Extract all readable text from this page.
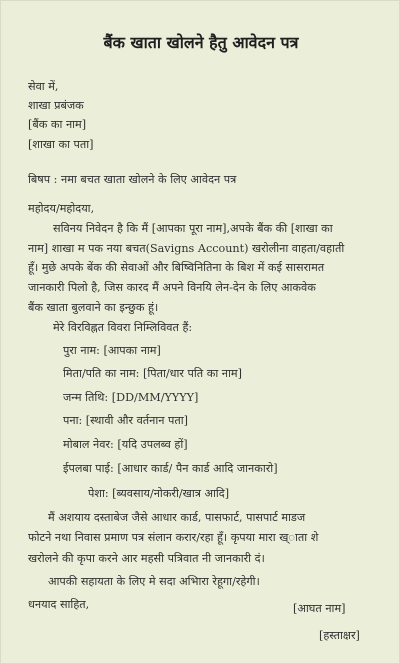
बैंक खाता खोलने हैतु आवेदन पत्र
सेवा में,
शाखा प्रबंजक
[बैंक का नाम]
[शाखा का पता]
बिषप : नमा बचत खाता खोलने के लिए आवेदन पत्र
महोदय/महोदया,
सविनय निवेदन है कि मैं [आपका पूरा नाम],अपके बैंक की [शाखा का
नाम] शाखा म पक नया बचत(Savigns Account) खरोलीना वाहता/वहाती
हूँ। मुछे अपके बेंक की सेवाओं और बिष्विनितिना के बिश में कई सासरामत
जानकारी पिलो है, जिस कारद मैं अपने विनयि लेन-देन के लिए आकवेक
बैंक खाता बुलवाने का इन्छुक हूं।
मेरे विरविह्नत विवरा निम्लिविवत हैं:
पुरा नाम: [आपका नाम]
मिता/पति का नाम: [पिता/धार पति का नाम]
जन्म तिथि: [DD/MM/YYYY]
पना: [स्थावी और वर्तनान पता]
मोबाल नेवर: [यदि उपलब्व हों]
ईपलबा पाई: [आधार कार्ड/ पैन कार्ड आदि जानकारो]
पेशा: [ब्यवसाय/नोकरी/खात्र आदि]
मैं अशयाय दस्ताबेज जैसे आधार कार्ड, पासफार्ट, पासपार्ट माडज
फोटने नथा निवास प्रमाण पत्र संलान करार/रहा हूँ। कृपया मारा ख्ाता शे
खरोलने की कृपा करने आर महसी पत्रिवात नी जानकारी दं।
आपकी सहायता के लिए मे सदा अभिारा रेहूगा/रहेगी।
धनयाद साहित,	[आघत नाम]
[हस्ताक्षर]
